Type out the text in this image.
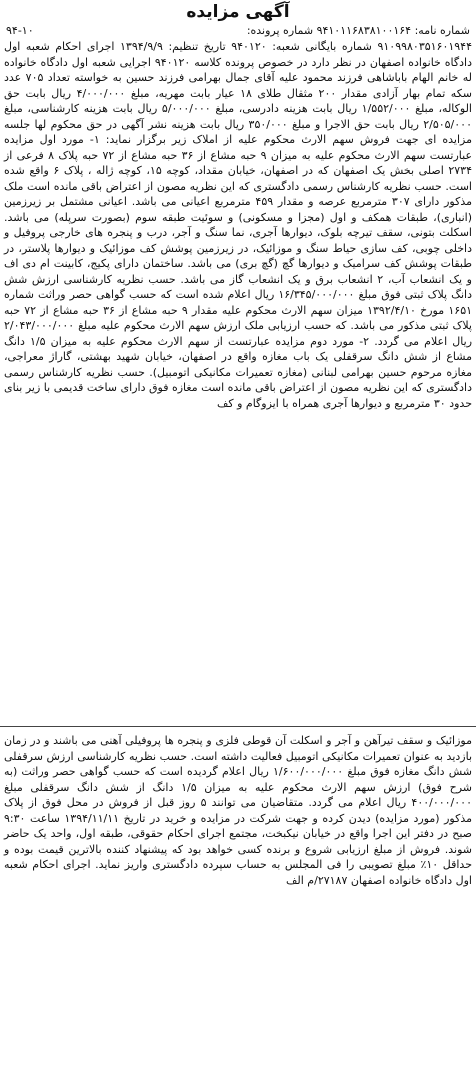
آگهی مزایده
شماره نامه: ۹۴۱۰۱۱۶۸۳۸۱۰۰۱۶۴ شماره پرونده:
۹۴-۱۰

۹۱۰۹۹۸۰۳۵۱۶۰۱۹۴۴ شماره بایگانی شعبه: ۹۴۰۱۲۰ تاریخ تنظیم: ۱۳۹۴/۹/۹ اجرای احکام شعبه اول دادگاه خانواده اصفهان در نظر دارد در خصوص پرونده کلاسه ۹۴۰۱۲۰ اجرایی شعبه اول دادگاه خانواده له خانم الهام باباشاهی فرزند محمود علیه آقای جمال بهرامی فرزند حسین به خواسته تعداد ۷۰۵ عدد سکه تمام بهار آزادی مقدار ۲۰۰ مثقال طلای ۱۸ عیار بابت مهریه، مبلغ ۴/۰۰۰/۰۰۰ ریال بابت حق الوکاله، مبلغ ۱/۵۵۲/۰۰۰ ریال بابت هزینه دادرسی، مبلغ ۵/۰۰۰/۰۰۰ ریال بابت هزینه کارشناسی، مبلغ ۲/۵۰۵/۰۰۰ ریال بابت حق الاجرا و مبلغ ۳۵۰/۰۰۰ ریال بابت هزینه نشر آگهی در حق محکوم لها جلسه مزایده ای جهت فروش سهم الارث محکوم علیه از املاک زیر برگزار نماید: ۱- مورد اول مزایده عبارتست سهم الارث محکوم علیه به میزان ۹ حبه مشاع از ۳۶ حبه مشاع از ۷۲ حبه پلاک ۸ فرعی از ۲۷۳۴ اصلی بخش یک اصفهان که در اصفهان، خیابان مقداد، کوچه ۱۵، کوچه ژاله ، پلاک ۶ واقع شده است. حسب نظریه کارشناس رسمی دادگستری که این نظریه مصون از اعتراض باقی مانده است ملک مذکور دارای ۳۰۷ مترمربع عرصه و مقدار ۴۵۹ مترمربع اعیانی می باشد. اعیانی مشتمل بر زیرزمین (انباری)، طبقات همکف و اول (مجزا و مسکونی) و سوئیت طبقه سوم (بصورت سرپله) می باشد. اسکلت بتونی، سقف تیرچه بلوک، دیوارها آجری، نما سنگ و آجر، درب و پنجره های خارجی پروفیل و داخلی چوبی، کف سازی حیاط سنگ و موزائیک، در زیرزمین پوشش کف موزائیک و دیوارها پلاستر، در طبقات پوشش کف سرامیک و دیوارها گچ (گچ بری) می باشد. ساختمان دارای پکیج، کابینت ام دی اف و یک انشعاب آب، ۲ انشعاب برق و یک انشعاب گاز می باشد. حسب نظریه کارشناسی ارزش شش دانگ پلاک ثبتی فوق مبلغ ۱۶/۳۴۵/۰۰۰/۰۰۰ ریال اعلام شده است که حسب گواهی حصر وراثت شماره ۱۶۵۱ مورخ ۱۳۹۲/۴/۱۰ میزان سهم الارث محکوم علیه مقدار ۹ حبه مشاع از ۳۶ حبه مشاع از ۷۲ حبه پلاک ثبتی مذکور می باشد. که حسب ارزیابی ملک ارزش سهم الارث محکوم علیه مبلغ ۲/۰۴۳/۰۰۰/۰۰۰ ریال اعلام می گردد. ۲- مورد دوم مزایده عبارتست از سهم الارث محکوم علیه به میزان ۱/۵ دانگ مشاع از شش دانگ سرقفلی یک باب مغازه واقع در اصفهان، خیابان شهید بهشتی، گاراژ معراجی، مغازه مرحوم حسین بهرامی لبنانی (مغازه تعمیرات مکانیکی اتومبیل). حسب نظریه کارشناس رسمی دادگستری که این نظریه مصون از اعتراض باقی مانده است مغازه فوق دارای ساخت قدیمی با زیر بنای حدود ۳۰ مترمربع و دیوارها آجری همراه با ایزوگام و کف

موزائیک و سقف تیرآهن و آجر و اسکلت آن قوطی فلزی و پنجره ها پروفیلی آهنی می باشند و در زمان بازدید به عنوان تعمیرات مکانیکی اتومبیل فعالیت داشته است. حسب نظریه کارشناسی ارزش سرقفلی شش دانگ مغازه فوق مبلغ ۱/۶۰۰/۰۰۰/۰۰۰ ریال اعلام گردیده است که حسب گواهی حصر وراثت (به شرح فوق) ارزش سهم الارث محکوم علیه به میزان ۱/۵ دانگ از شش دانگ سرقفلی مبلغ ۴۰۰/۰۰۰/۰۰۰ ریال اعلام می گردد. متقاضیان می توانند ۵ روز قبل از فروش در محل فوق از پلاک مذکور (مورد مزایده) دیدن کرده و جهت شرکت در مزایده و خرید در تاریخ ۱۳۹۴/۱۱/۱۱ ساعت ۹:۳۰ صبح در دفتر این اجرا واقع در خیابان نیکبخت، مجتمع اجرای احکام حقوقی، طبقه اول، واحد یک حاضر شوند. فروش از مبلغ ارزیابی شروع و برنده کسی خواهد بود که پیشنهاد کننده بالاترین قیمت بوده و حداقل ۱۰٪ مبلغ تصویبی را فی المجلس به حساب سپرده دادگستری واریز نماید. اجرای احکام شعبه اول دادگاه خانواده اصفهان ۲۷۱۸۷/م الف
